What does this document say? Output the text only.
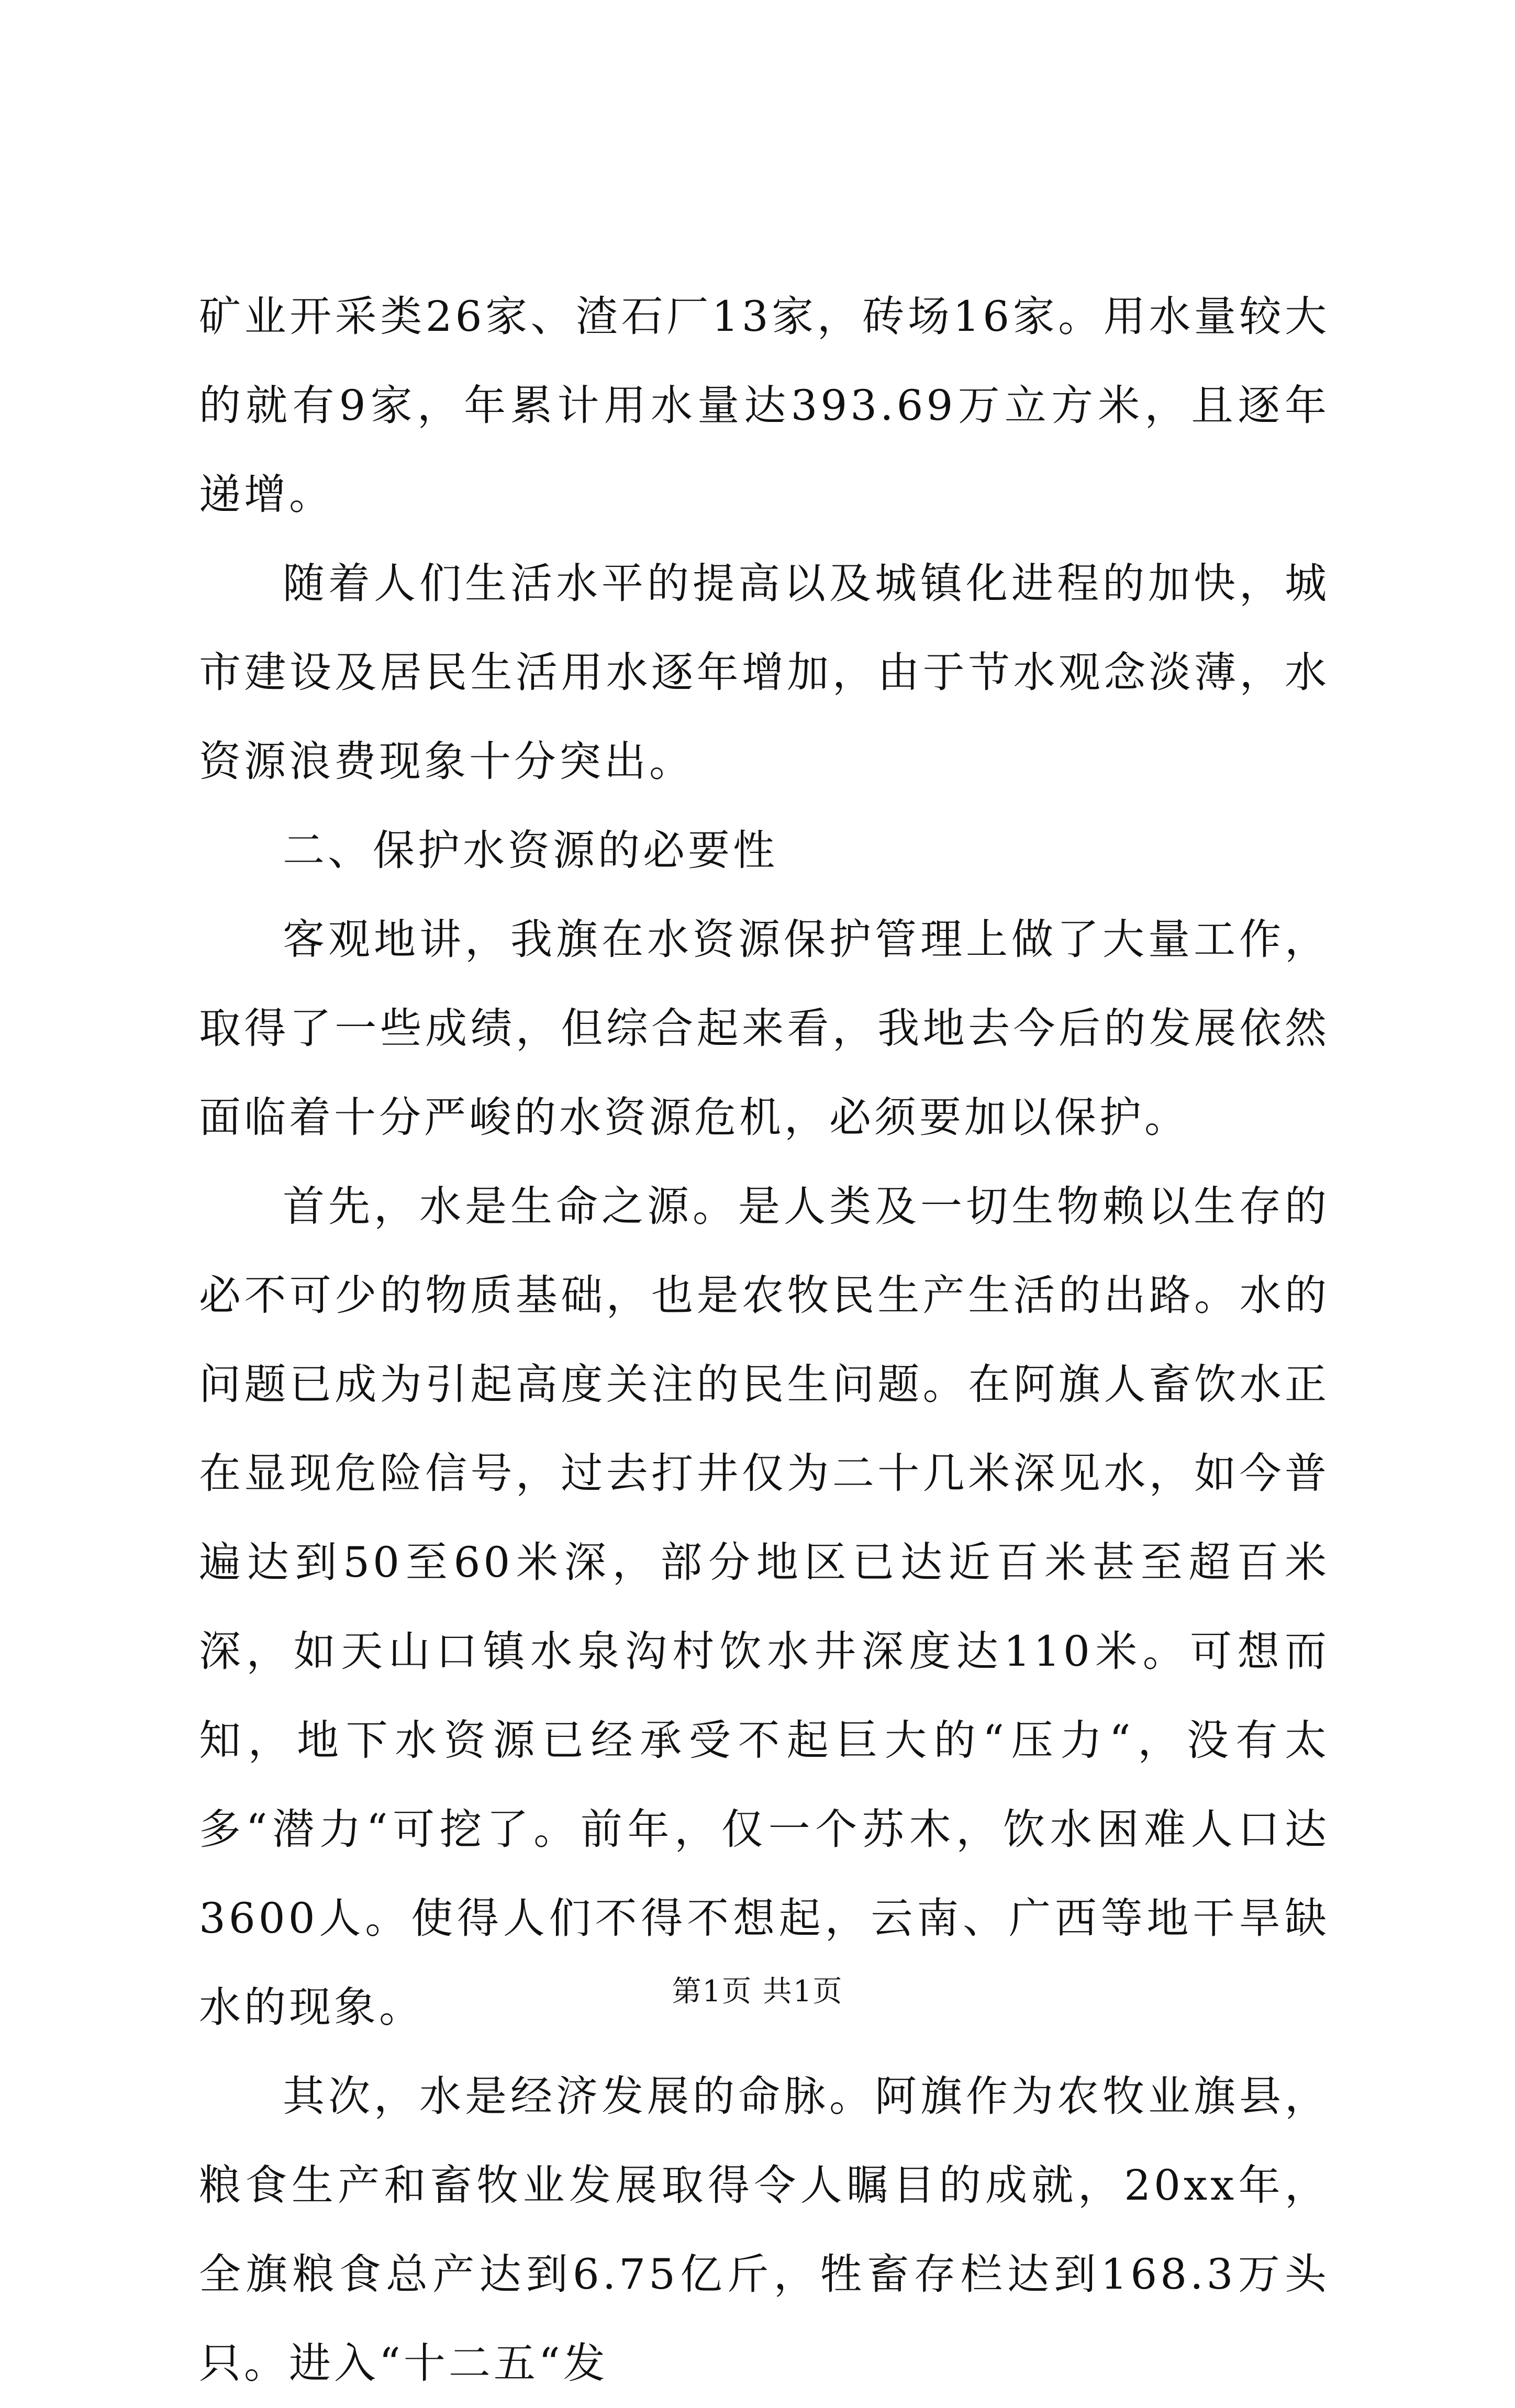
矿业开采类26家、渣石厂13家，砖场16家。用水量较大的就有9家，年累计用水量达393.69万立方米，且逐年递增。

随着人们生活水平的提高以及城镇化进程的加快，城市建设及居民生活用水逐年增加，由于节水观念淡薄，水资源浪费现象十分突出。

二、保护水资源的必要性

客观地讲，我旗在水资源保护管理上做了大量工作，取得了一些成绩，但综合起来看，我地去今后的发展依然面临着十分严峻的水资源危机，必须要加以保护。

首先，水是生命之源。是人类及一切生物赖以生存的必不可少的物质基础，也是农牧民生产生活的出路。水的问题已成为引起高度关注的民生问题。在阿旗人畜饮水正在显现危险信号，过去打井仅为二十几米深见水，如今普遍达到50至60米深，部分地区已达近百米甚至超百米深，如天山口镇水泉沟村饮水井深度达110米。可想而知，地下水资源已经承受不起巨大的“压力“，没有太多“潜力“可挖了。前年，仅一个苏木，饮水困难人口达3600人。使得人们不得不想起，云南、广西等地干旱缺水的现象。

其次，水是经济发展的命脉。阿旗作为农牧业旗县，粮食生产和畜牧业发展取得令人瞩目的成就，20xx年，全旗粮食总产达到6.75亿斤，牲畜存栏达到168.3万头只。进入“十二五“发

第1页 共1页
